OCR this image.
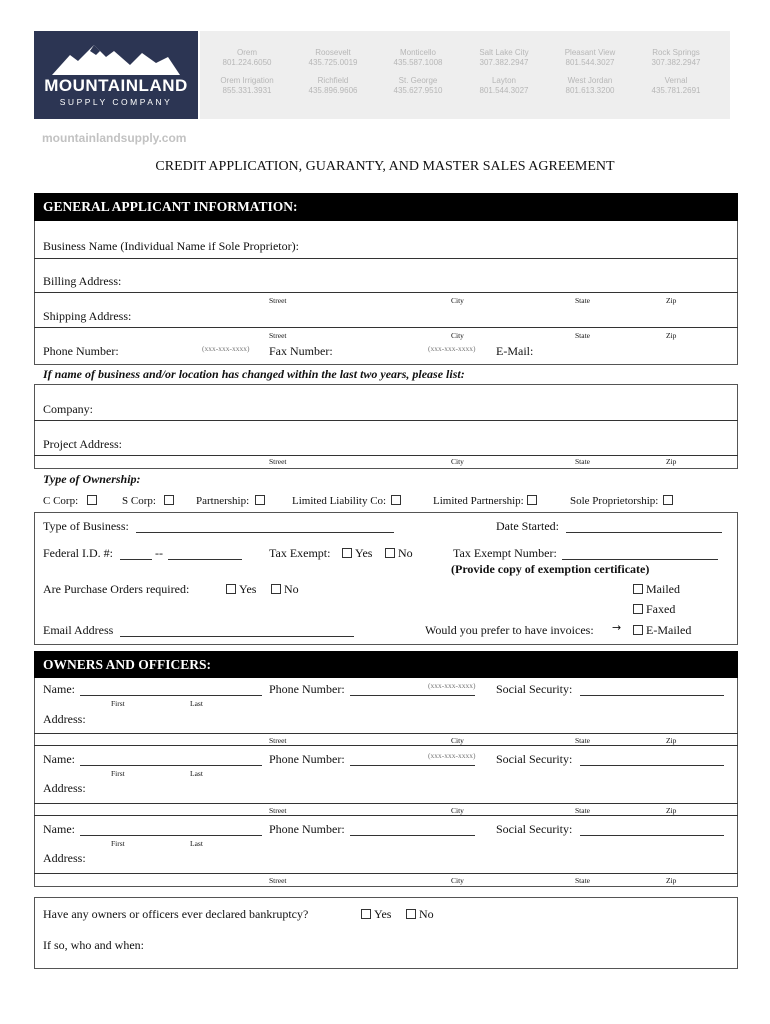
MOUNTAINLAND
SUPPLY COMPANY
Orem
801.224.6050
Roosevelt
435.725.0019
Monticello
435.587.1008
Salt Lake City
307.382.2947
Pleasant View
801.544.3027
Rock Springs
307.382.2947
Orem Irrigation
855.331.3931
Richfield
435.896.9606
St. George
435.627.9510
Layton
801.544.3027
West Jordan
801.613.3200
Vernal
435.781.2691
mountainlandsupply.com
CREDIT APPLICATION, GUARANTY, AND MASTER SALES AGREEMENT
GENERAL APPLICANT INFORMATION:
Business Name (Individual Name if Sole Proprietor):
Billing Address:
Street	City	State	Zip
Shipping Address:
Street	City	State	Zip
Phone Number:	(xxx-xxx-xxxx) Fax Number:	(xxx-xxx-xxxx) E-Mail:
If name of business and/or location has changed within the last two years, please list:
Company:
Project Address:
Street	City	State	Zip
Type of Ownership:
C Corp:	S Corp:	Partnership:	Limited Liability Co:	Limited Partnership:	Sole Proprietorship:
Type of Business:	Date Started:
Federal I.D. #:	--	Tax Exempt:	Yes	No	Tax Exempt Number:
(Provide copy of exemption certificate)
Are Purchase Orders required:	Yes	No	Mailed
Faxed
Email Address	Would you prefer to have invoices: →	E-Mailed
OWNERS AND OFFICERS:
Name:
First	Last
Phone Number:	(xxx-xxx-xxxx) Social Security:
Address:
Street	City	State	Zip
Name:
First	Last
Phone Number:	(xxx-xxx-xxxx) Social Security:
Address:
Street	City	State	Zip
Name:
First	Last
Phone Number:	Social Security:
Address:
Street	City	State	Zip
Have any owners or officers ever declared bankruptcy?	Yes	No
If so, who and when:
